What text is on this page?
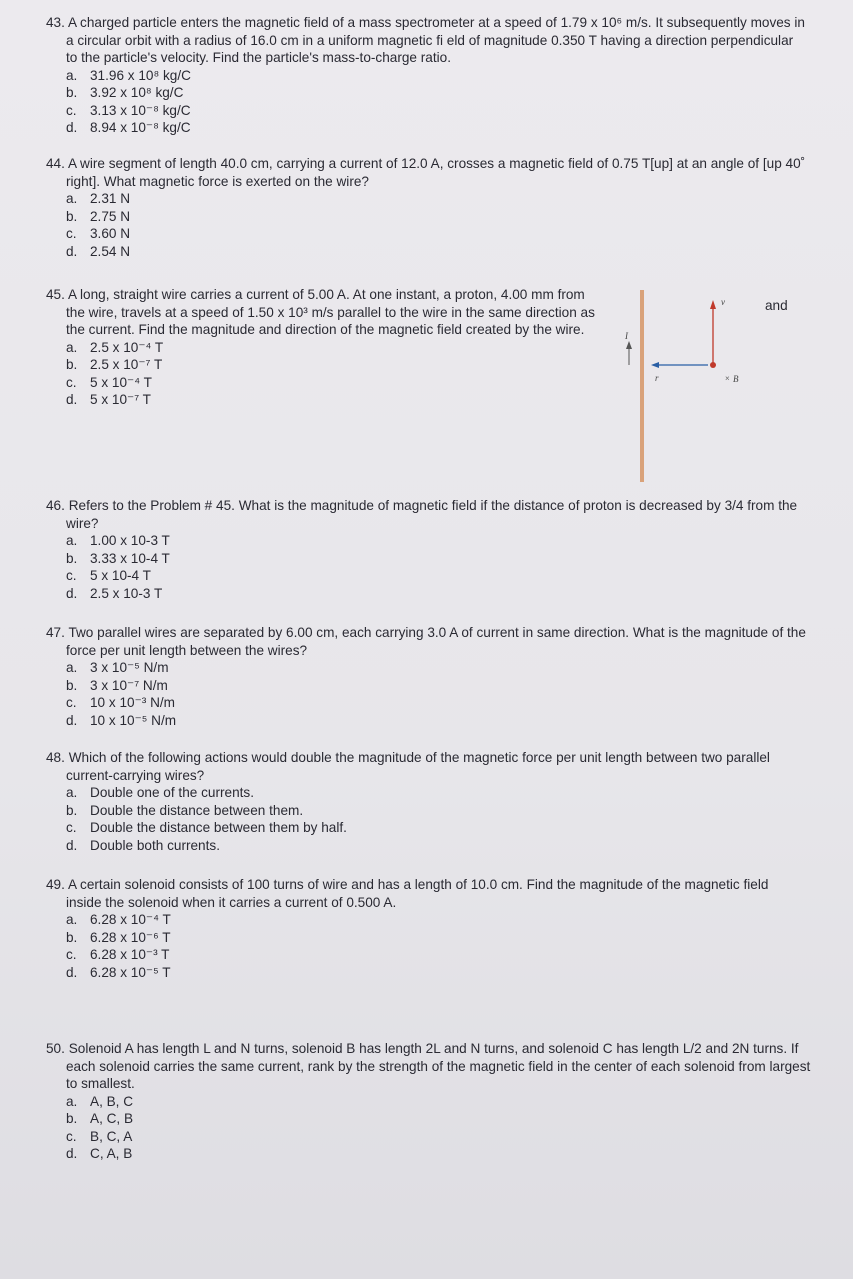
43. A charged particle enters the magnetic field of a mass spectrometer at a speed of 1.79 x 10⁶ m/s. It subsequently moves in a circular orbit with a radius of 16.0 cm in a uniform magnetic fi eld of magnitude 0.350 T having a direction perpendicular to the particle's velocity. Find the particle's mass-to-charge ratio.
a. 31.96 x 10⁸ kg/C
b. 3.92 x 10⁸ kg/C
c. 3.13 x 10⁻⁸ kg/C
d. 8.94 x 10⁻⁸ kg/C
44. A wire segment of length 40.0 cm, carrying a current of 12.0 A, crosses a magnetic field of 0.75 T[up] at an angle of [up 40˚ right]. What magnetic force is exerted on the wire?
a. 2.31 N
b. 2.75 N
c. 3.60 N
d. 2.54 N
45. A long, straight wire carries a current of 5.00 A. At one instant, a proton, 4.00 mm from the wire, travels at a speed of 1.50 x 10³ m/s parallel to the wire in the same direction as the current. Find the magnitude and direction of the magnetic field created by the wire.
a. 2.5 x 10⁻⁴ T
b. 2.5 x 10⁻⁷ T
c. 5 x 10⁻⁴ T
d. 5 x 10⁻⁷ T
and
I
v
r	× B
46. Refers to the Problem # 45. What is the magnitude of magnetic field if the distance of proton is decreased by 3/4 from the wire?
a. 1.00 x 10-3 T
b. 3.33 x 10-4 T
c. 5 x 10-4 T
d. 2.5 x 10-3 T
47. Two parallel wires are separated by 6.00 cm, each carrying 3.0 A of current in same direction. What is the magnitude of the force per unit length between the wires?
a. 3 x 10⁻⁵ N/m
b. 3 x 10⁻⁷ N/m
c. 10 x 10⁻³ N/m
d. 10 x 10⁻⁵ N/m
48. Which of the following actions would double the magnitude of the magnetic force per unit length between two parallel current-carrying wires?
a. Double one of the currents.
b. Double the distance between them.
c. Double the distance between them by half.
d. Double both currents.
49. A certain solenoid consists of 100 turns of wire and has a length of 10.0 cm. Find the magnitude of the magnetic field inside the solenoid when it carries a current of 0.500 A.
a. 6.28 x 10⁻⁴ T
b. 6.28 x 10⁻⁶ T
c. 6.28 x 10⁻³ T
d. 6.28 x 10⁻⁵ T
50. Solenoid A has length L and N turns, solenoid B has length 2L and N turns, and solenoid C has length L/2 and 2N turns. If each solenoid carries the same current, rank by the strength of the magnetic field in the center of each solenoid from largest to smallest.
a. A, B, C
b. A, C, B
c. B, C, A
d. C, A, B
